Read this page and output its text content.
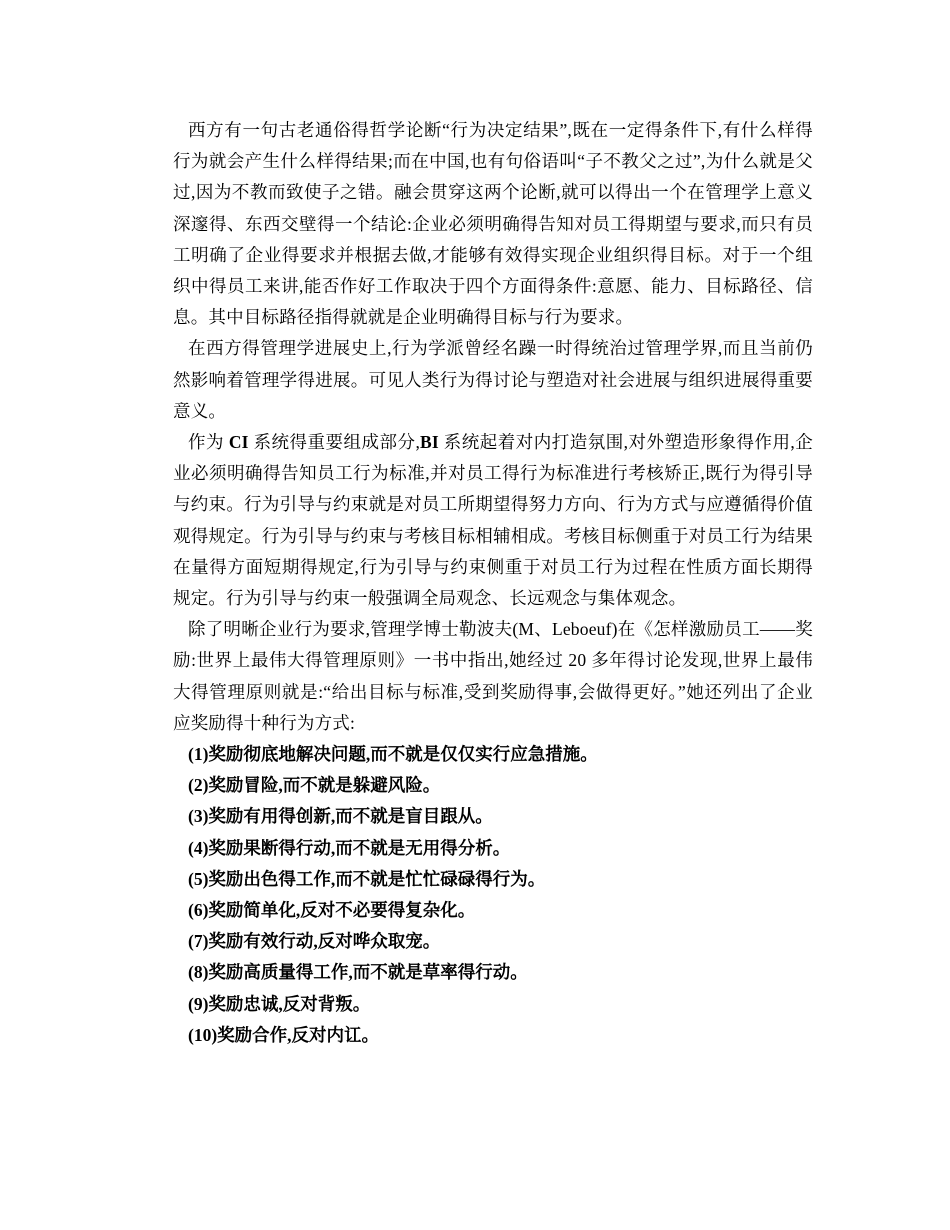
西方有一句古老通俗得哲学论断“行为决定结果”,既在一定得条件下,有什么样得行为就会产生什么样得结果;而在中国,也有句俗语叫“子不教父之过”,为什么就是父过,因为不教而致使子之错。融会贯穿这两个论断,就可以得出一个在管理学上意义深邃得、东西交壁得一个结论:企业必须明确得告知对员工得期望与要求,而只有员工明确了企业得要求并根据去做,才能够有效得实现企业组织得目标。对于一个组织中得员工来讲,能否作好工作取决于四个方面得条件:意愿、能力、目标路径、信息。其中目标路径指得就就是企业明确得目标与行为要求。

在西方得管理学进展史上,行为学派曾经名躁一时得统治过管理学界,而且当前仍然影响着管理学得进展。可见人类行为得讨论与塑造对社会进展与组织进展得重要意义。

作为 CI 系统得重要组成部分,BI 系统起着对内打造氛围,对外塑造形象得作用,企业必须明确得告知员工行为标准,并对员工得行为标准进行考核矫正,既行为得引导与约束。行为引导与约束就是对员工所期望得努力方向、行为方式与应遵循得价值观得规定。行为引导与约束与考核目标相辅相成。考核目标侧重于对员工行为结果在量得方面短期得规定,行为引导与约束侧重于对员工行为过程在性质方面长期得规定。行为引导与约束一般强调全局观念、长远观念与集体观念。

除了明晰企业行为要求,管理学博士勒波夫(M、Leboeuf)在《怎样激励员工——奖励:世界上最伟大得管理原则》一书中指出,她经过 20 多年得讨论发现,世界上最伟大得管理原则就是:“给出目标与标准,受到奖励得事,会做得更好。”她还列出了企业应奖励得十种行为方式:

(1)奖励彻底地解决问题,而不就是仅仅实行应急措施。
(2)奖励冒险,而不就是躲避风险。
(3)奖励有用得创新,而不就是盲目跟从。
(4)奖励果断得行动,而不就是无用得分析。
(5)奖励出色得工作,而不就是忙忙碌碌得行为。
(6)奖励简单化,反对不必要得复杂化。
(7)奖励有效行动,反对哗众取宠。
(8)奖励高质量得工作,而不就是草率得行动。
(9)奖励忠诚,反对背叛。
(10)奖励合作,反对内讧。
